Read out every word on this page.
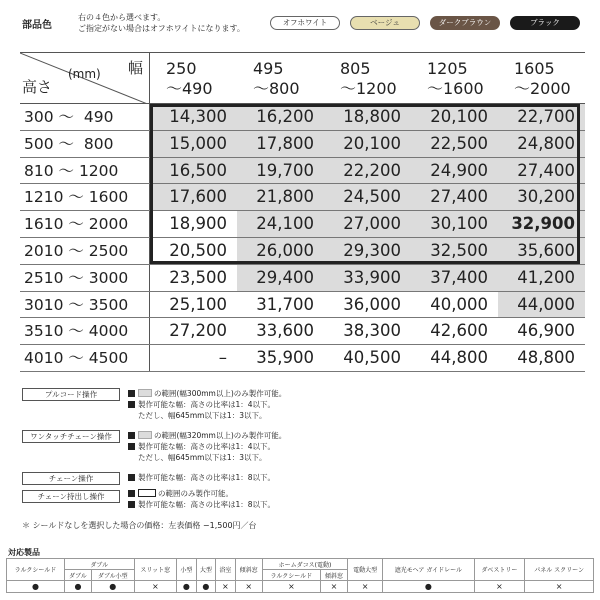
部品色
右の４色から選べます。
ご指定がない場合はオフホワイトになります。
オフホワイト	ベージュ	ダークブラウン	ブラック
幅
(mm)
高さ
250
〜490
495
〜800
805
〜1200
1205
〜1600
1605
〜2000
300 〜  490	14,300	16,200	18,800	20,100	22,700
500 〜  800	15,000	17,800	20,100	22,500	24,800
810 〜 1200	16,500	19,700	22,200	24,900	27,400
1210 〜 1600	17,600	21,800	24,500	27,400	30,200
1610 〜 2000	18,900	24,100	27,000	30,100	32,900
2010 〜 2500	20,500	26,000	29,300	32,500	35,600
2510 〜 3000	23,500	29,400	33,900	37,400	41,200
3010 〜 3500	25,100	31,700	36,000	40,000	44,000
3510 〜 4000	27,200	33,600	38,300	42,600	46,900
4010 〜 4500	–	35,900	40,500	44,800	48,800
プルコード操作	の範囲(幅300mm以上)のみ製作可能。
製作可能な幅：高さの比率は1：4以下。
ただし、幅645mm以下は1：3以下。
ワンタッチチェーン操作	の範囲(幅320mm以上)のみ製作可能。
製作可能な幅：高さの比率は1：4以下。
ただし、幅645mm以下は1：3以下。
チェーン操作	製作可能な幅：高さの比率は1：8以下。
チェーン持出し操作	の範囲のみ製作可能。
製作可能な幅：高さの比率は1：8以下。
＊ シールドなしを選択した場合の価格：左表価格 −1,500円／台
対応製品
ラルクシールド	ダブル		スリット窓	小型	大型	浴室	傾斜窓	ホームダコス(電動)		電動大型	遮光モヘア ガイドレール	ダベストリー	パネル スクリーン
	ダブル	ダブル小型						ラルクシールド	傾斜窓				
●	●	●	×	●	●	×	×	×	×	×	●	×	×
